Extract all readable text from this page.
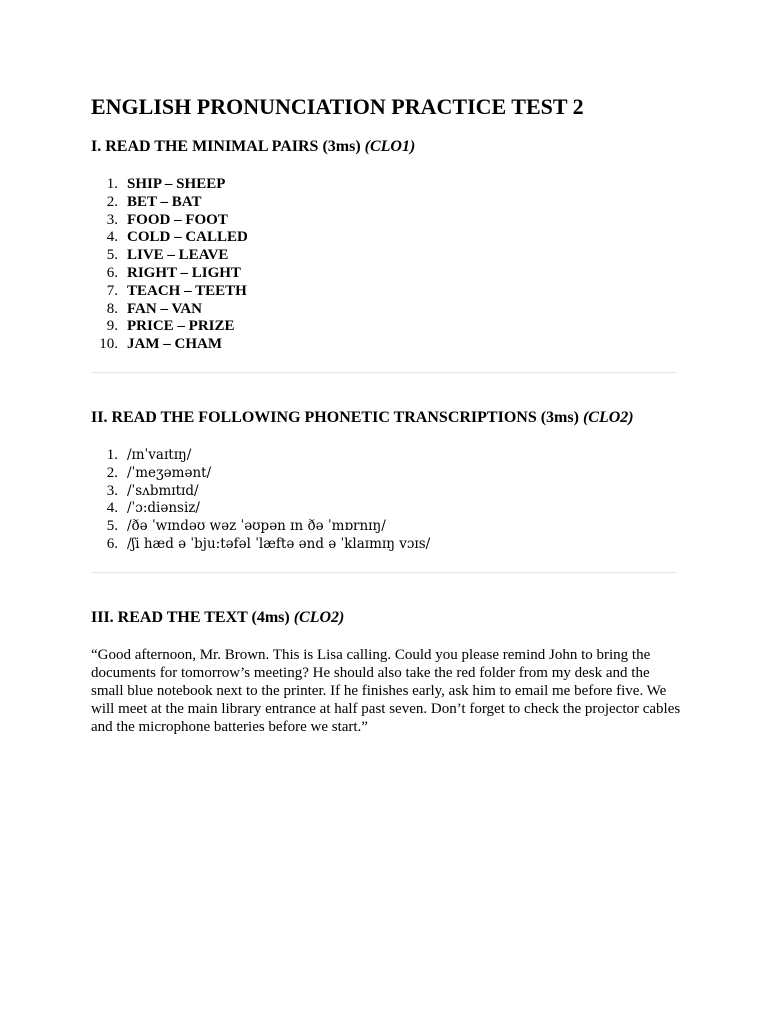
ENGLISH PRONUNCIATION PRACTICE TEST 2
I. READ THE MINIMAL PAIRS (3ms) (CLO1)
1. SHIP – SHEEP
2. BET – BAT
3. FOOD – FOOT
4. COLD – CALLED
5. LIVE – LEAVE
6. RIGHT – LIGHT
7. TEACH – TEETH
8. FAN – VAN
9. PRICE – PRIZE
10. JAM – CHAM
II. READ THE FOLLOWING PHONETIC TRANSCRIPTIONS (3ms) (CLO2)
1. /ɪnˈvaɪtɪŋ/
2. /ˈmeʒəmənt/
3. /ˈsʌbmɪtɪd/
4. /ˈɔ:diənsiz/
5. /ðə ˈwɪndəʊ wəz ˈəʊpən ɪn ðə ˈmɒrnɪŋ/
6. /ʃi hæd ə ˈbju:təfəl ˈlæftə ənd ə ˈklaɪmɪŋ vɔɪs/
III. READ THE TEXT (4ms) (CLO2)

“Good afternoon, Mr. Brown. This is Lisa calling. Could you please remind John to bring the documents for tomorrow’s meeting? He should also take the red folder from my desk and the small blue notebook next to the printer. If he finishes early, ask him to email me before five. We will meet at the main library entrance at half past seven. Don’t forget to check the projector cables and the microphone batteries before we start.”
